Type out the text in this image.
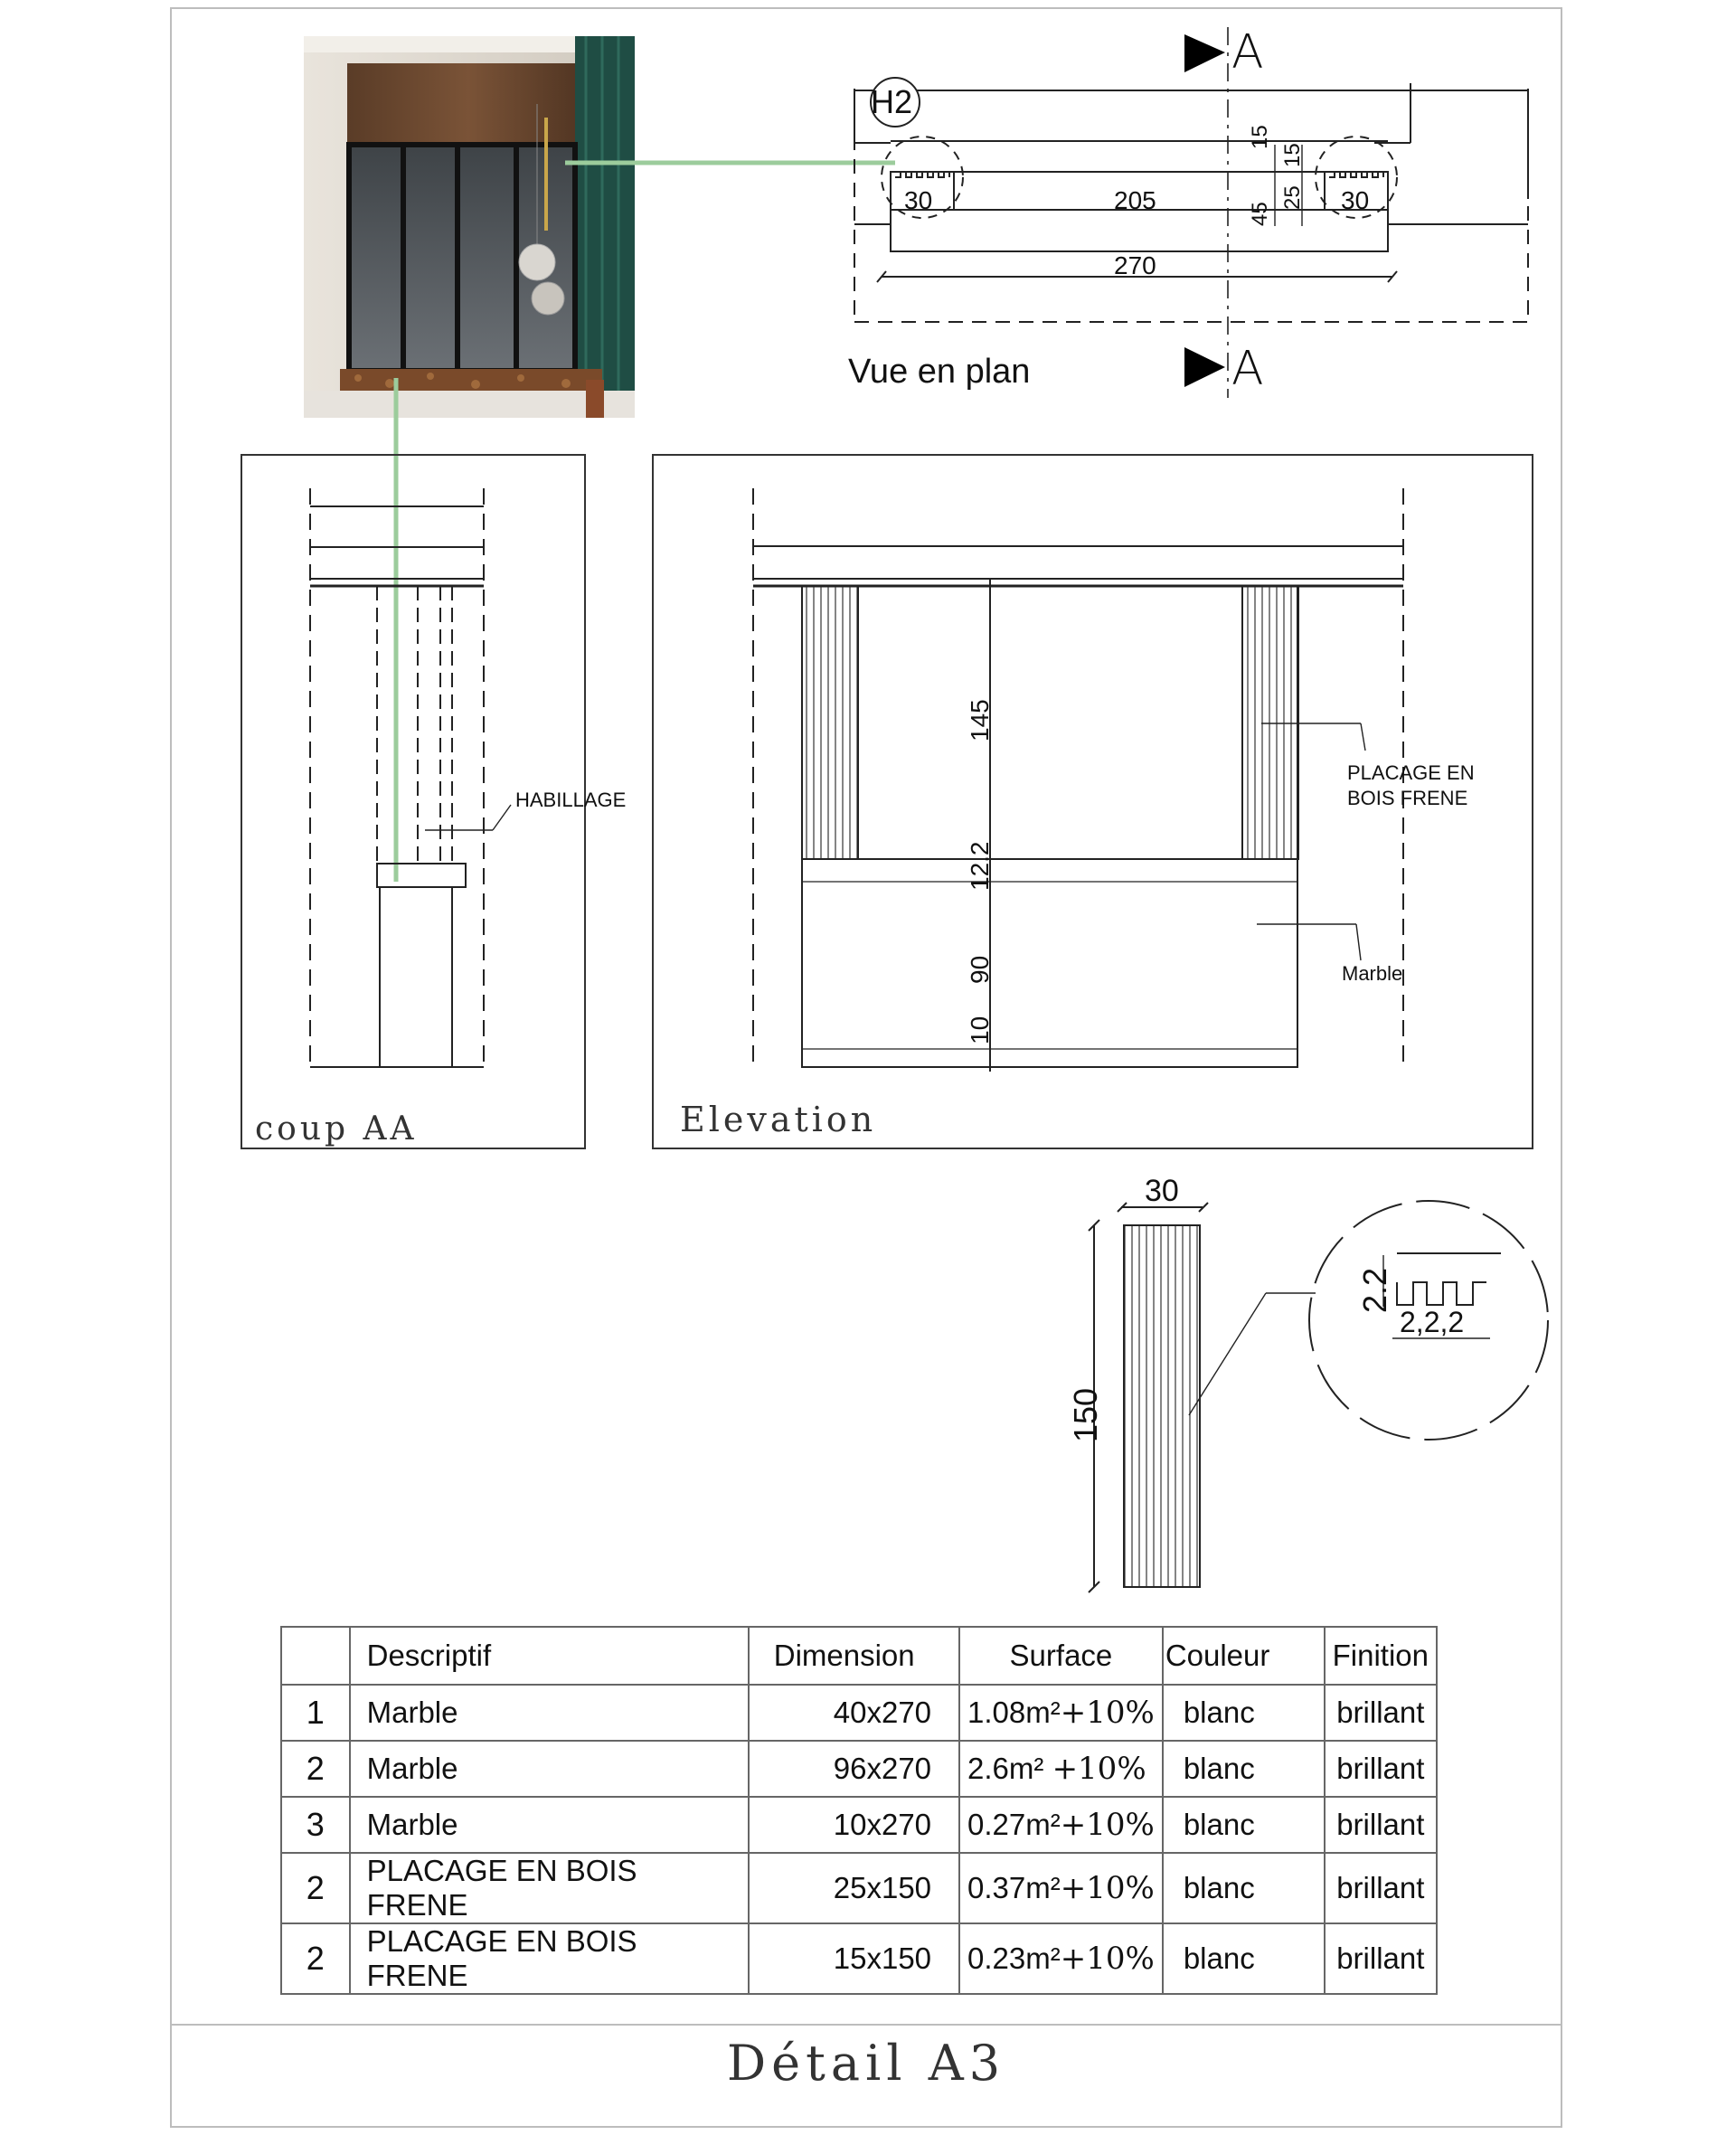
H2
A
A
30	205	30
270
15
15
45
25
Vue en plan
HABILLAGE
coup AA
PLACAGE EN
BOIS FRENE
Marble
145
12.2
90
10
Elevation
30
150
2.2
2,2,2
	Descriptif	Dimension	Surface	Couleur	Finition
1	Marble	40x270	1.08m²+10%	blanc	brillant
2	Marble	96x270	2.6m² +10%	blanc	brillant
3	Marble	10x270	0.27m²+10%	blanc	brillant
2	PLACAGE EN BOIS FRENE	25x150	0.37m²+10%	blanc	brillant
2	PLACAGE EN BOIS FRENE	15x150	0.23m²+10%	blanc	brillant
Détail A3
